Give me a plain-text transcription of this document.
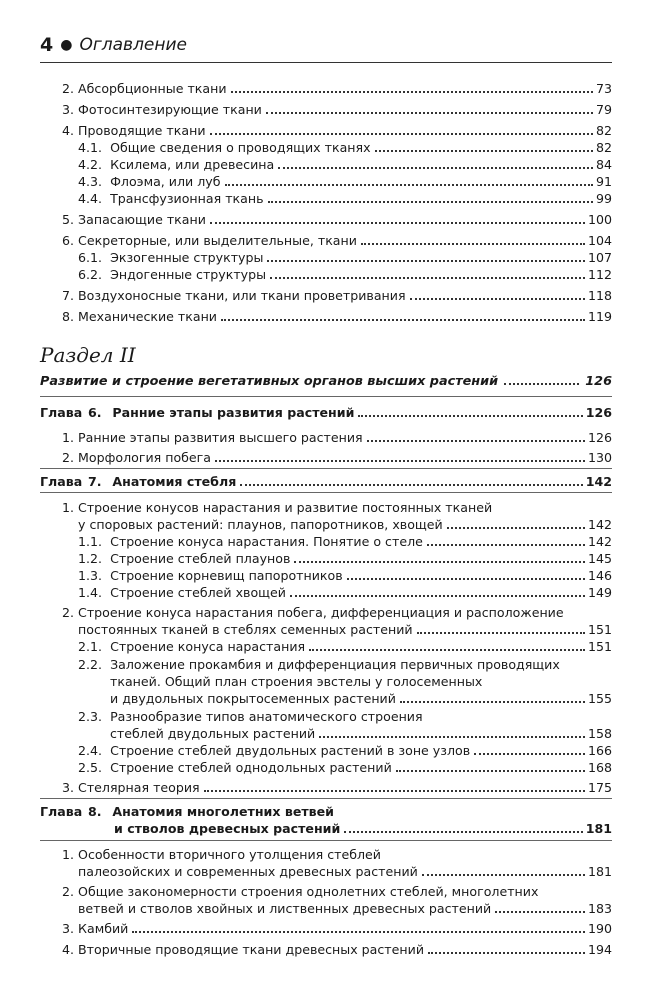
4 ● Оглавление
2. Абсорбционные ткани	73
3. Фотосинтезирующие ткани	79
4. Проводящие ткани	82
4.1. Общие сведения о проводящих тканях	82
4.2. Ксилема, или древесина	84
4.3. Флоэма, или луб	91
4.4. Трансфузионная ткань	99
5. Запасающие ткани	100
6. Секреторные, или выделительные, ткани	104
6.1. Экзогенные структуры	107
6.2. Эндогенные структуры	112
7. Воздухоносные ткани, или ткани проветривания	118
8. Механические ткани	119
Раздел II
Развитие и строение вегетативных органов высших растений	126
Глава 6. Ранние этапы развития растений	126
1. Ранние этапы развития высшего растения	126
2. Морфология побега	130
Глава 7. Анатомия стебля	142
1. Строение конусов нарастания и развитие постоянных тканей
у споровых растений: плаунов, папоротников, хвощей	142
1.1. Строение конуса нарастания. Понятие о стеле	142
1.2. Строение стеблей плаунов	145
1.3. Строение корневищ папоротников	146
1.4. Строение стеблей хвощей	149
2. Строение конуса нарастания побега, дифференциация и расположение
постоянных тканей в стеблях семенных растений	151
2.1. Строение конуса нарастания	151
2.2. Заложение прокамбия и дифференциация первичных проводящих
тканей. Общий план строения эвстелы у голосеменных
и двудольных покрытосеменных растений	155
2.3. Разнообразие типов анатомического строения
стеблей двудольных растений	158
2.4. Строение стеблей двудольных растений в зоне узлов	166
2.5. Строение стеблей однодольных растений	168
3. Стелярная теория	175
Глава 8. Анатомия многолетних ветвей
и стволов древесных растений	181
1. Особенности вторичного утолщения стеблей
палеозойских и современных древесных растений	181
2. Общие закономерности строения однолетних стеблей, многолетних
ветвей и стволов хвойных и лиственных древесных растений	183
3. Камбий	190
4. Вторичные проводящие ткани древесных растений	194
